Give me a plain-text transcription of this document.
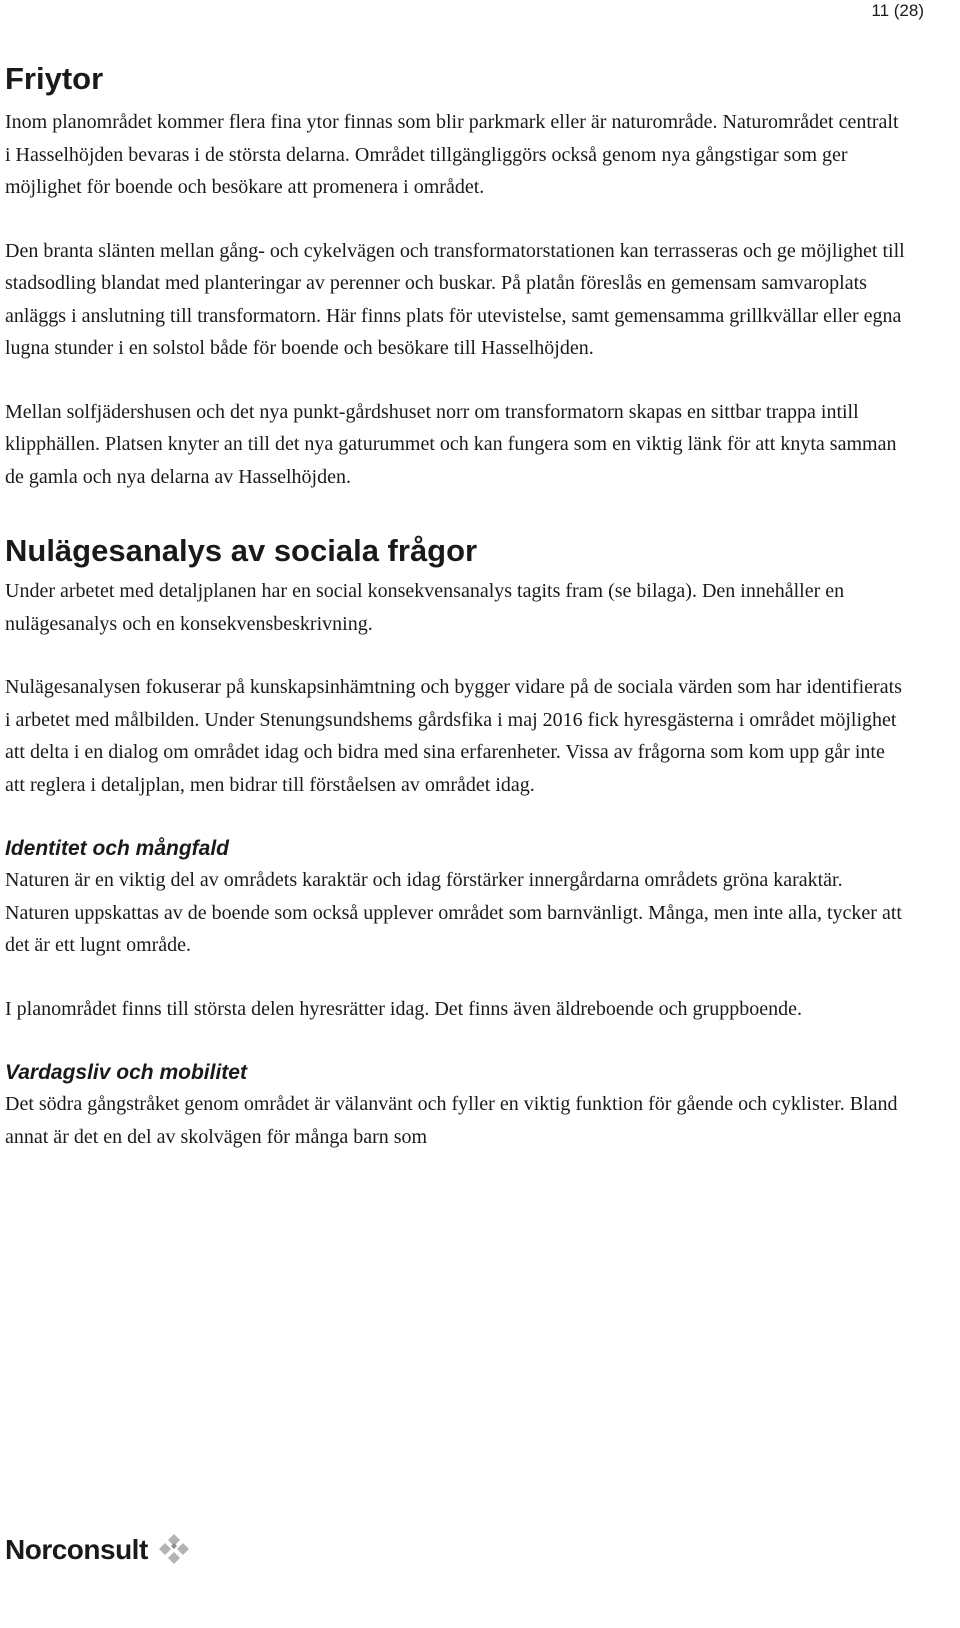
11 (28)
Friytor

Inom planområdet kommer flera fina ytor finnas som blir parkmark eller är naturområde. Naturområdet centralt i Hasselhöjden bevaras i de största delarna. Området tillgängliggörs också genom nya gångstigar som ger möjlighet för boende och besökare att promenera i området.

Den branta slänten mellan gång- och cykelvägen och transformatorstationen kan terrasseras och ge möjlighet till stadsodling blandat med planteringar av perenner och buskar. På platån föreslås en gemensam samvaroplats anläggs i anslutning till transformatorn. Här finns plats för utevistelse, samt gemensamma grillkvällar eller egna lugna stunder i en solstol både för boende och besökare till Hasselhöjden.

Mellan solfjädershusen och det nya punkt-gårdshuset norr om transformatorn skapas en sittbar trappa intill klipphällen. Platsen knyter an till det nya gaturummet och kan fungera som en viktig länk för att knyta samman de gamla och nya delarna av Hasselhöjden.

Nulägesanalys av sociala frågor

Under arbetet med detaljplanen har en social konsekvensanalys tagits fram (se bilaga). Den innehåller en nulägesanalys och en konsekvensbeskrivning.

Nulägesanalysen fokuserar på kunskapsinhämtning och bygger vidare på de sociala värden som har identifierats i arbetet med målbilden. Under Stenungsundshems gårdsfika i maj 2016 fick hyresgästerna i området möjlighet att delta i en dialog om området idag och bidra med sina erfarenheter. Vissa av frågorna som kom upp går inte att reglera i detaljplan, men bidrar till förståelsen av området idag.

Identitet och mångfald

Naturen är en viktig del av områdets karaktär och idag förstärker innergårdarna områdets gröna karaktär. Naturen uppskattas av de boende som också upplever området som barnvänligt. Många, men inte alla, tycker att det är ett lugnt område.

I planområdet finns till största delen hyresrätter idag. Det finns även äldreboende och gruppboende.

Vardagsliv och mobilitet

Det södra gångstråket genom området är välanvänt och fyller en viktig funktion för gående och cyklister. Bland annat är det en del av skolvägen för många barn som

Norconsult
